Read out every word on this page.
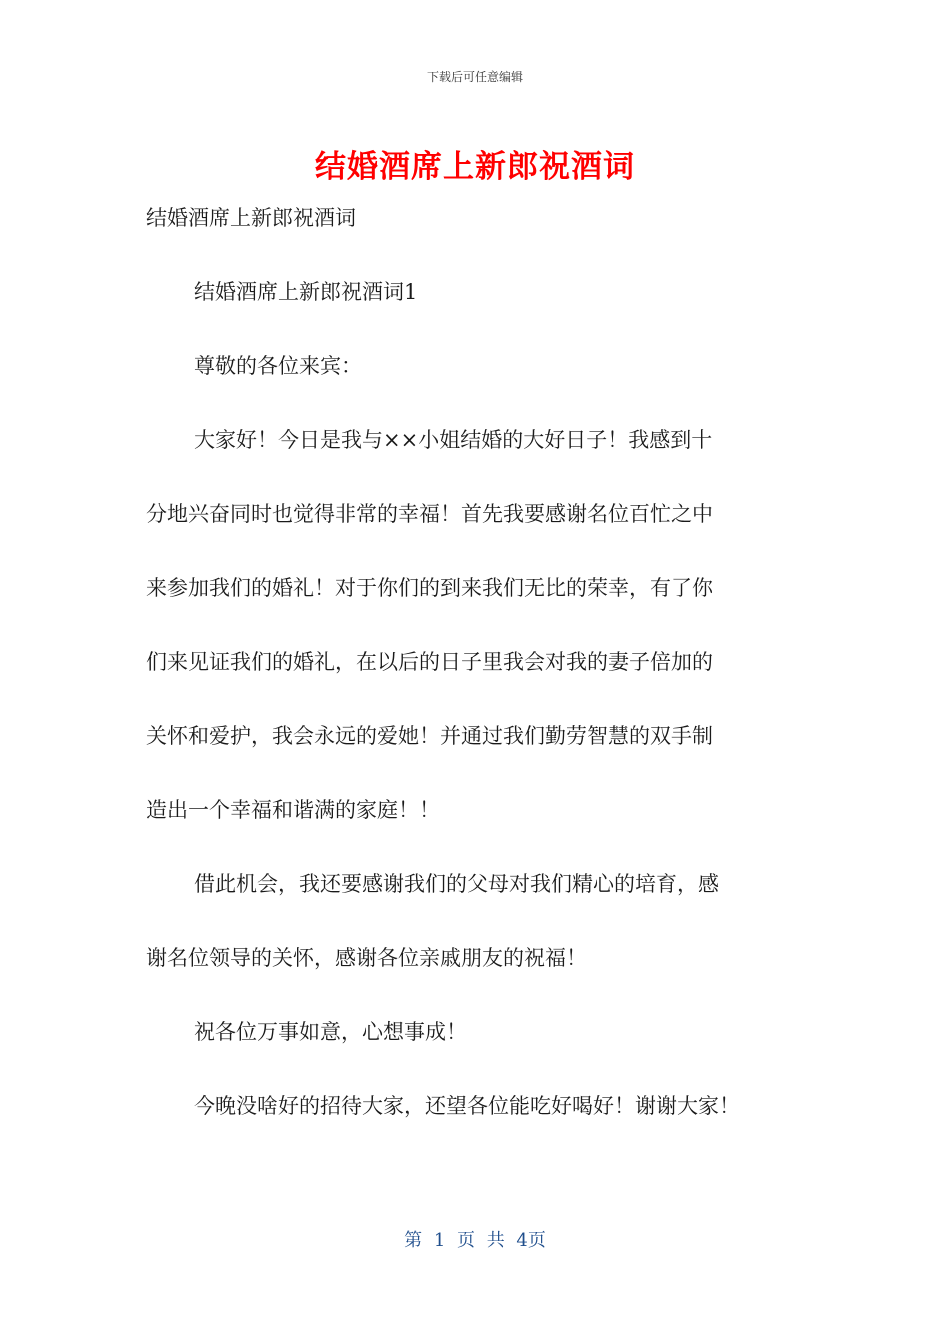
下载后可任意编辑
结婚酒席上新郎祝酒词
结婚酒席上新郎祝酒词
结婚酒席上新郎祝酒词1
尊敬的各位来宾：
大家好！今日是我与××小姐结婚的大好日子！我感到十
分地兴奋同时也觉得非常的幸福！首先我要感谢名位百忙之中
来参加我们的婚礼！对于你们的到来我们无比的荣幸，有了你
们来见证我们的婚礼，在以后的日子里我会对我的妻子倍加的
关怀和爱护，我会永远的爱她！并通过我们勤劳智慧的双手制
造出一个幸福和谐满的家庭！！
借此机会，我还要感谢我们的父母对我们精心的培育，感
谢名位领导的关怀，感谢各位亲戚朋友的祝福！
祝各位万事如意，心想事成！
今晚没啥好的招待大家，还望各位能吃好喝好！谢谢大家！
第 1 页 共 4页
